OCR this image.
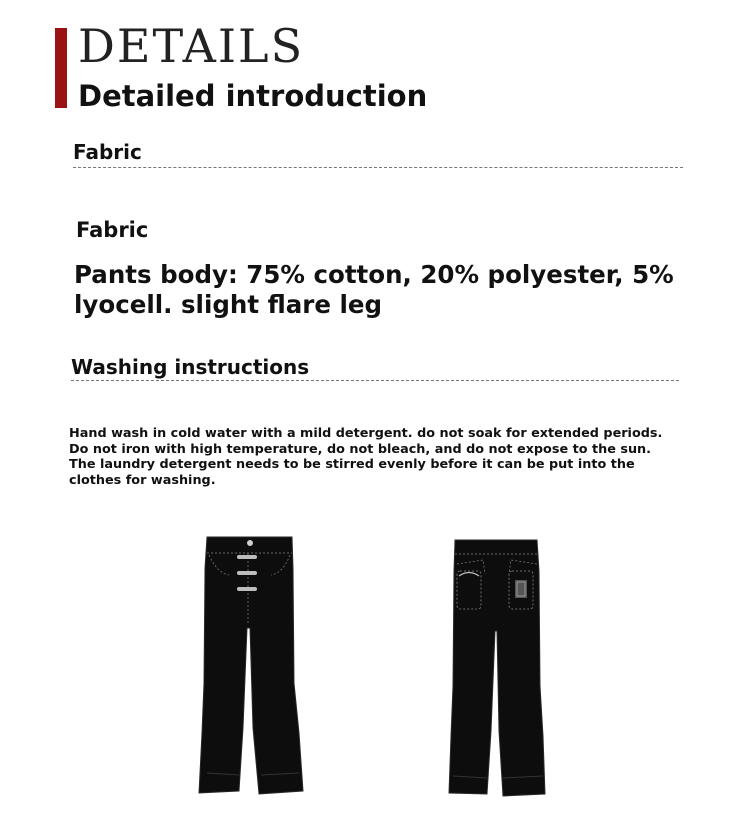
DETAILS
Detailed introduction
Fabric
Fabric

Pants body: 75% cotton, 20% polyester, 5% lyocell. slight flare leg

Washing instructions
Hand wash in cold water with a mild detergent. do not soak for extended periods.
Do not iron with high temperature, do not bleach, and do not expose to the sun.
The laundry detergent needs to be stirred evenly before it can be put into the
clothes for washing.
